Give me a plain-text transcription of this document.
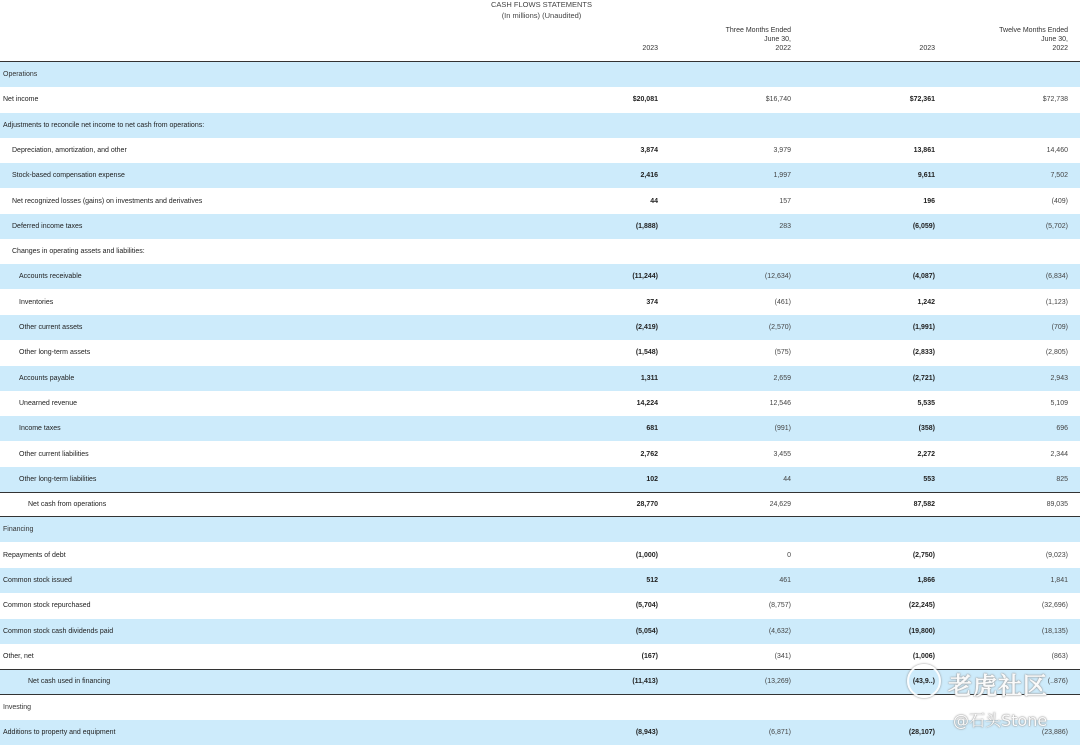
CASH FLOWS STATEMENTS
(In millions) (Unaudited)
Three Months Ended
June 30,
Twelve Months Ended
June 30,
2023	2022	2023	2022
Operations
Net income	$20,081	$16,740	$72,361	$72,738
Adjustments to reconcile net income to net cash from operations:
Depreciation, amortization, and other	3,874	3,979	13,861	14,460
Stock-based compensation expense	2,416	1,997	9,611	7,502
Net recognized losses (gains) on investments and derivatives	44	157	196	(409)
Deferred income taxes	(1,888)	283	(6,059)	(5,702)
Changes in operating assets and liabilities:
Accounts receivable	(11,244)	(12,634)	(4,087)	(6,834)
Inventories	374	(461)	1,242	(1,123)
Other current assets	(2,419)	(2,570)	(1,991)	(709)
Other long-term assets	(1,548)	(575)	(2,833)	(2,805)
Accounts payable	1,311	2,659	(2,721)	2,943
Unearned revenue	14,224	12,546	5,535	5,109
Income taxes	681	(991)	(358)	696
Other current liabilities	2,762	3,455	2,272	2,344
Other long-term liabilities	102	44	553	825
Net cash from operations	28,770	24,629	87,582	89,035
Financing
Repayments of debt	(1,000)	0	(2,750)	(9,023)
Common stock issued	512	461	1,866	1,841
Common stock repurchased	(5,704)	(8,757)	(22,245)	(32,696)
Common stock cash dividends paid	(5,054)	(4,632)	(19,800)	(18,135)
Other, net	(167)	(341)	(1,006)	(863)
Net cash used in financing	(11,413)	(13,269)	(43,9..)	(..876)
Investing
Additions to property and equipment	(8,943)	(6,871)	(28,107)	(23,886)
老虎社区
@石头Stone
